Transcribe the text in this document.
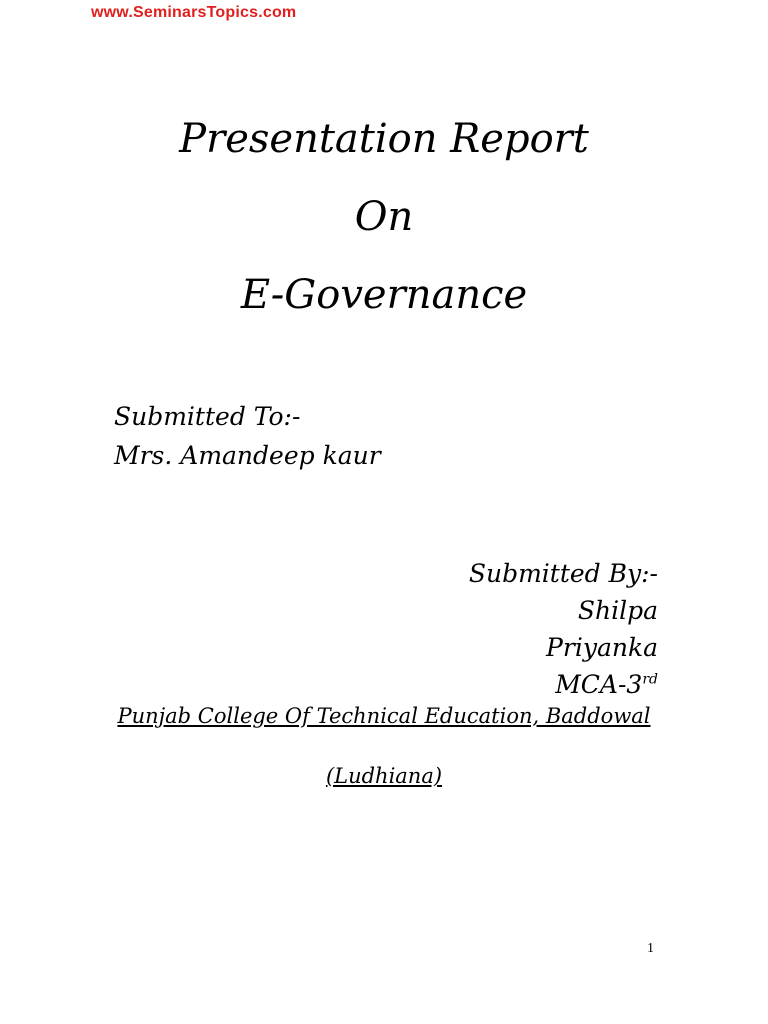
www.SeminarsTopics.com
Presentation Report
On
E-Governance
Submitted To:-
Mrs. Amandeep kaur
Submitted By:-
Shilpa
Priyanka
MCA-3rd
Punjab College Of Technical Education, Baddowal
(Ludhiana)
1
